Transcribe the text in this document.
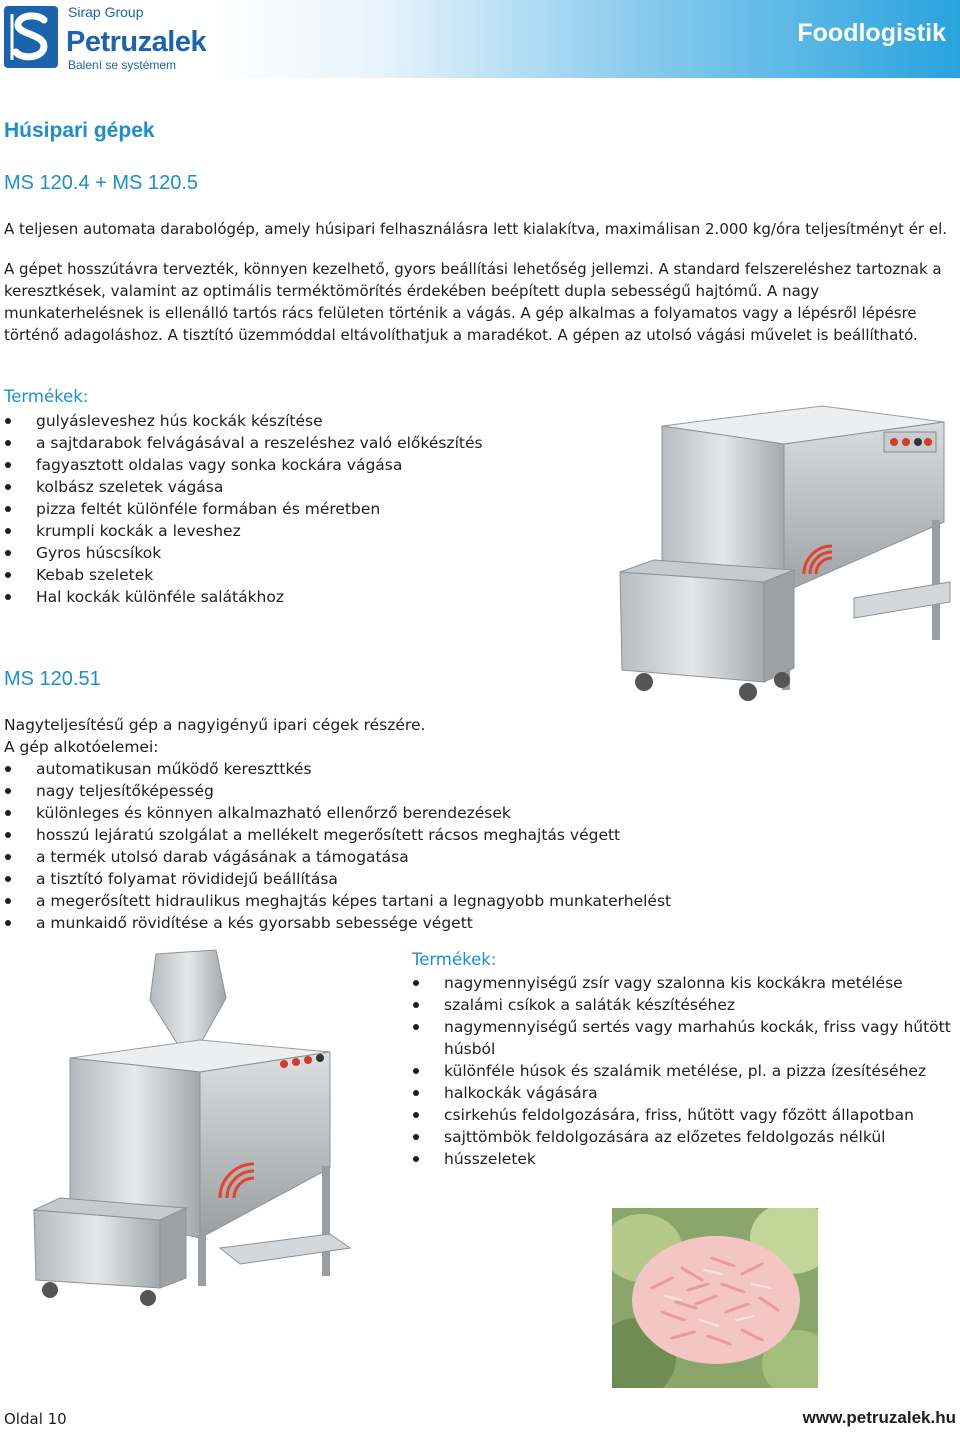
Sirap Group
Petruzalek
Balení se systémem
Foodlogistik
Húsipari gépek
MS 120.4 + MS 120.5

A teljesen automata darabológép, amely húsipari felhasználásra lett kialakítva, maximálisan 2.000 kg/óra teljesítményt ér el.

A gépet hosszútávra tervezték, könnyen kezelhető, gyors beállítási lehetőség jellemzi. A standard felszereléshez tartoznak a keresztkések, valamint az optimális terméktömörítés érdekében beépített dupla sebességű hajtómű. A nagy munkaterhelésnek is ellenálló tartós rács felületen történik a vágás. A gép alkalmas a folyamatos vagy a lépésről lépésre történő adagoláshoz. A tisztító üzemmóddal eltávolíthatjuk a maradékot. A gépen az utolsó vágási művelet is beállítható.

Termékek:
gulyásleveshez hús kockák készítése
a sajtdarabok felvágásával a reszeléshez való előkészítés
fagyasztott oldalas vagy sonka kockára vágása
kolbász szeletek vágása
pizza feltét különféle formában és méretben
krumpli kockák a leveshez
Gyros húscsíkok
Kebab szeletek
Hal kockák különféle salátákhoz
MS 120.51
Nagyteljesítésű gép a nagyigényű ipari cégek részére.
A gép alkotóelemei:
automatikusan működő kereszttkés
nagy teljesítőképesség
különleges és könnyen alkalmazható ellenőrző berendezések
hosszú lejáratú szolgálat a mellékelt megerősített rácsos meghajtás végett
a termék utolsó darab vágásának a támogatása
a tisztító folyamat rövididejű beállítása
a megerősített hidraulikus meghajtás képes tartani a legnagyobb munkaterhelést
a munkaidő rövidítése a kés gyorsabb sebessége végett
Termékek:
nagymennyiségű zsír vagy szalonna kis kockákra metélése
szalámi csíkok a saláták készítéséhez
nagymennyiségű sertés vagy marhahús kockák, friss vagy hűtött húsból
különféle húsok és szalámik metélése, pl. a pizza ízesítéséhez
halkockák vágására
csirkehús feldolgozására, friss, hűtött vagy főzött állapotban
sajttömbök feldolgozására az előzetes feldolgozás nélkül
hússzeletek
Oldal 10	www.petruzalek.hu
